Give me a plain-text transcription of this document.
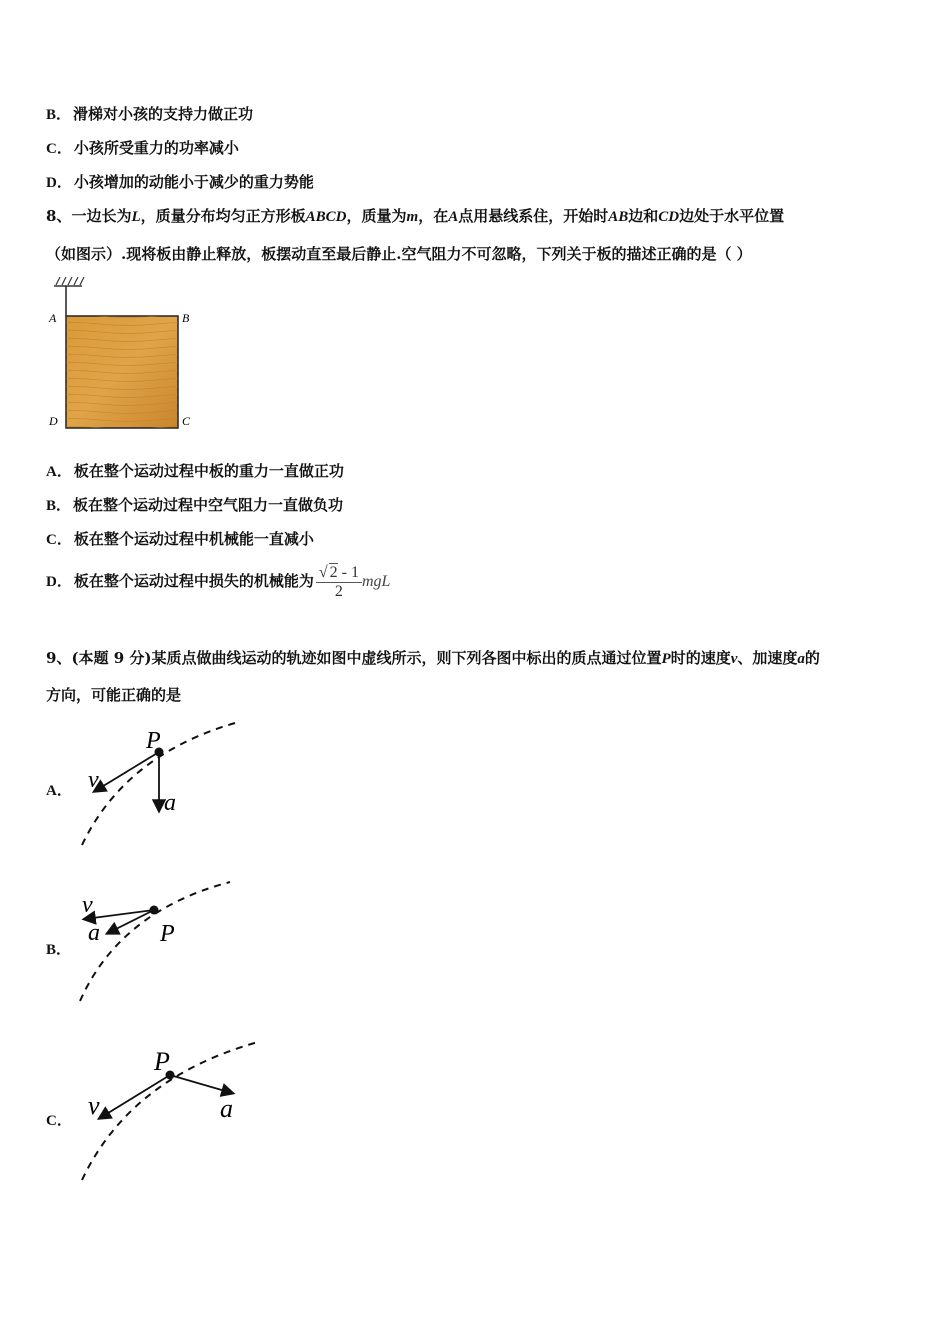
B． 滑梯对小孩的支持力做正功
C． 小孩所受重力的功率减小
D． 小孩增加的动能小于减少的重力势能
8、一边长为L，质量分布均匀正方形板ABCD，质量为m，在A点用悬线系住，开始时AB边和CD边处于水平位置
（如图示）.现将板由静止释放，板摆动直至最后静止.空气阻力不可忽略，下列关于板的描述正确的是（ ）
A	B
D	C
A． 板在整个运动过程中板的重力一直做正功
B． 板在整个运动过程中空气阻力一直做负功
C． 板在整个运动过程中机械能一直减小
D． 板在整个运动过程中损失的机械能为 $\frac{√ 2 - 1}{2}$ mgL
9、(本题 9 分)某质点做曲线运动的轨迹如图中虚线所示，则下列各图中标出的质点通过位置P时的速度v、加速度a的
方向，可能正确的是
A．
P
v
a
B．
v
a	P
C．
P
v	a
